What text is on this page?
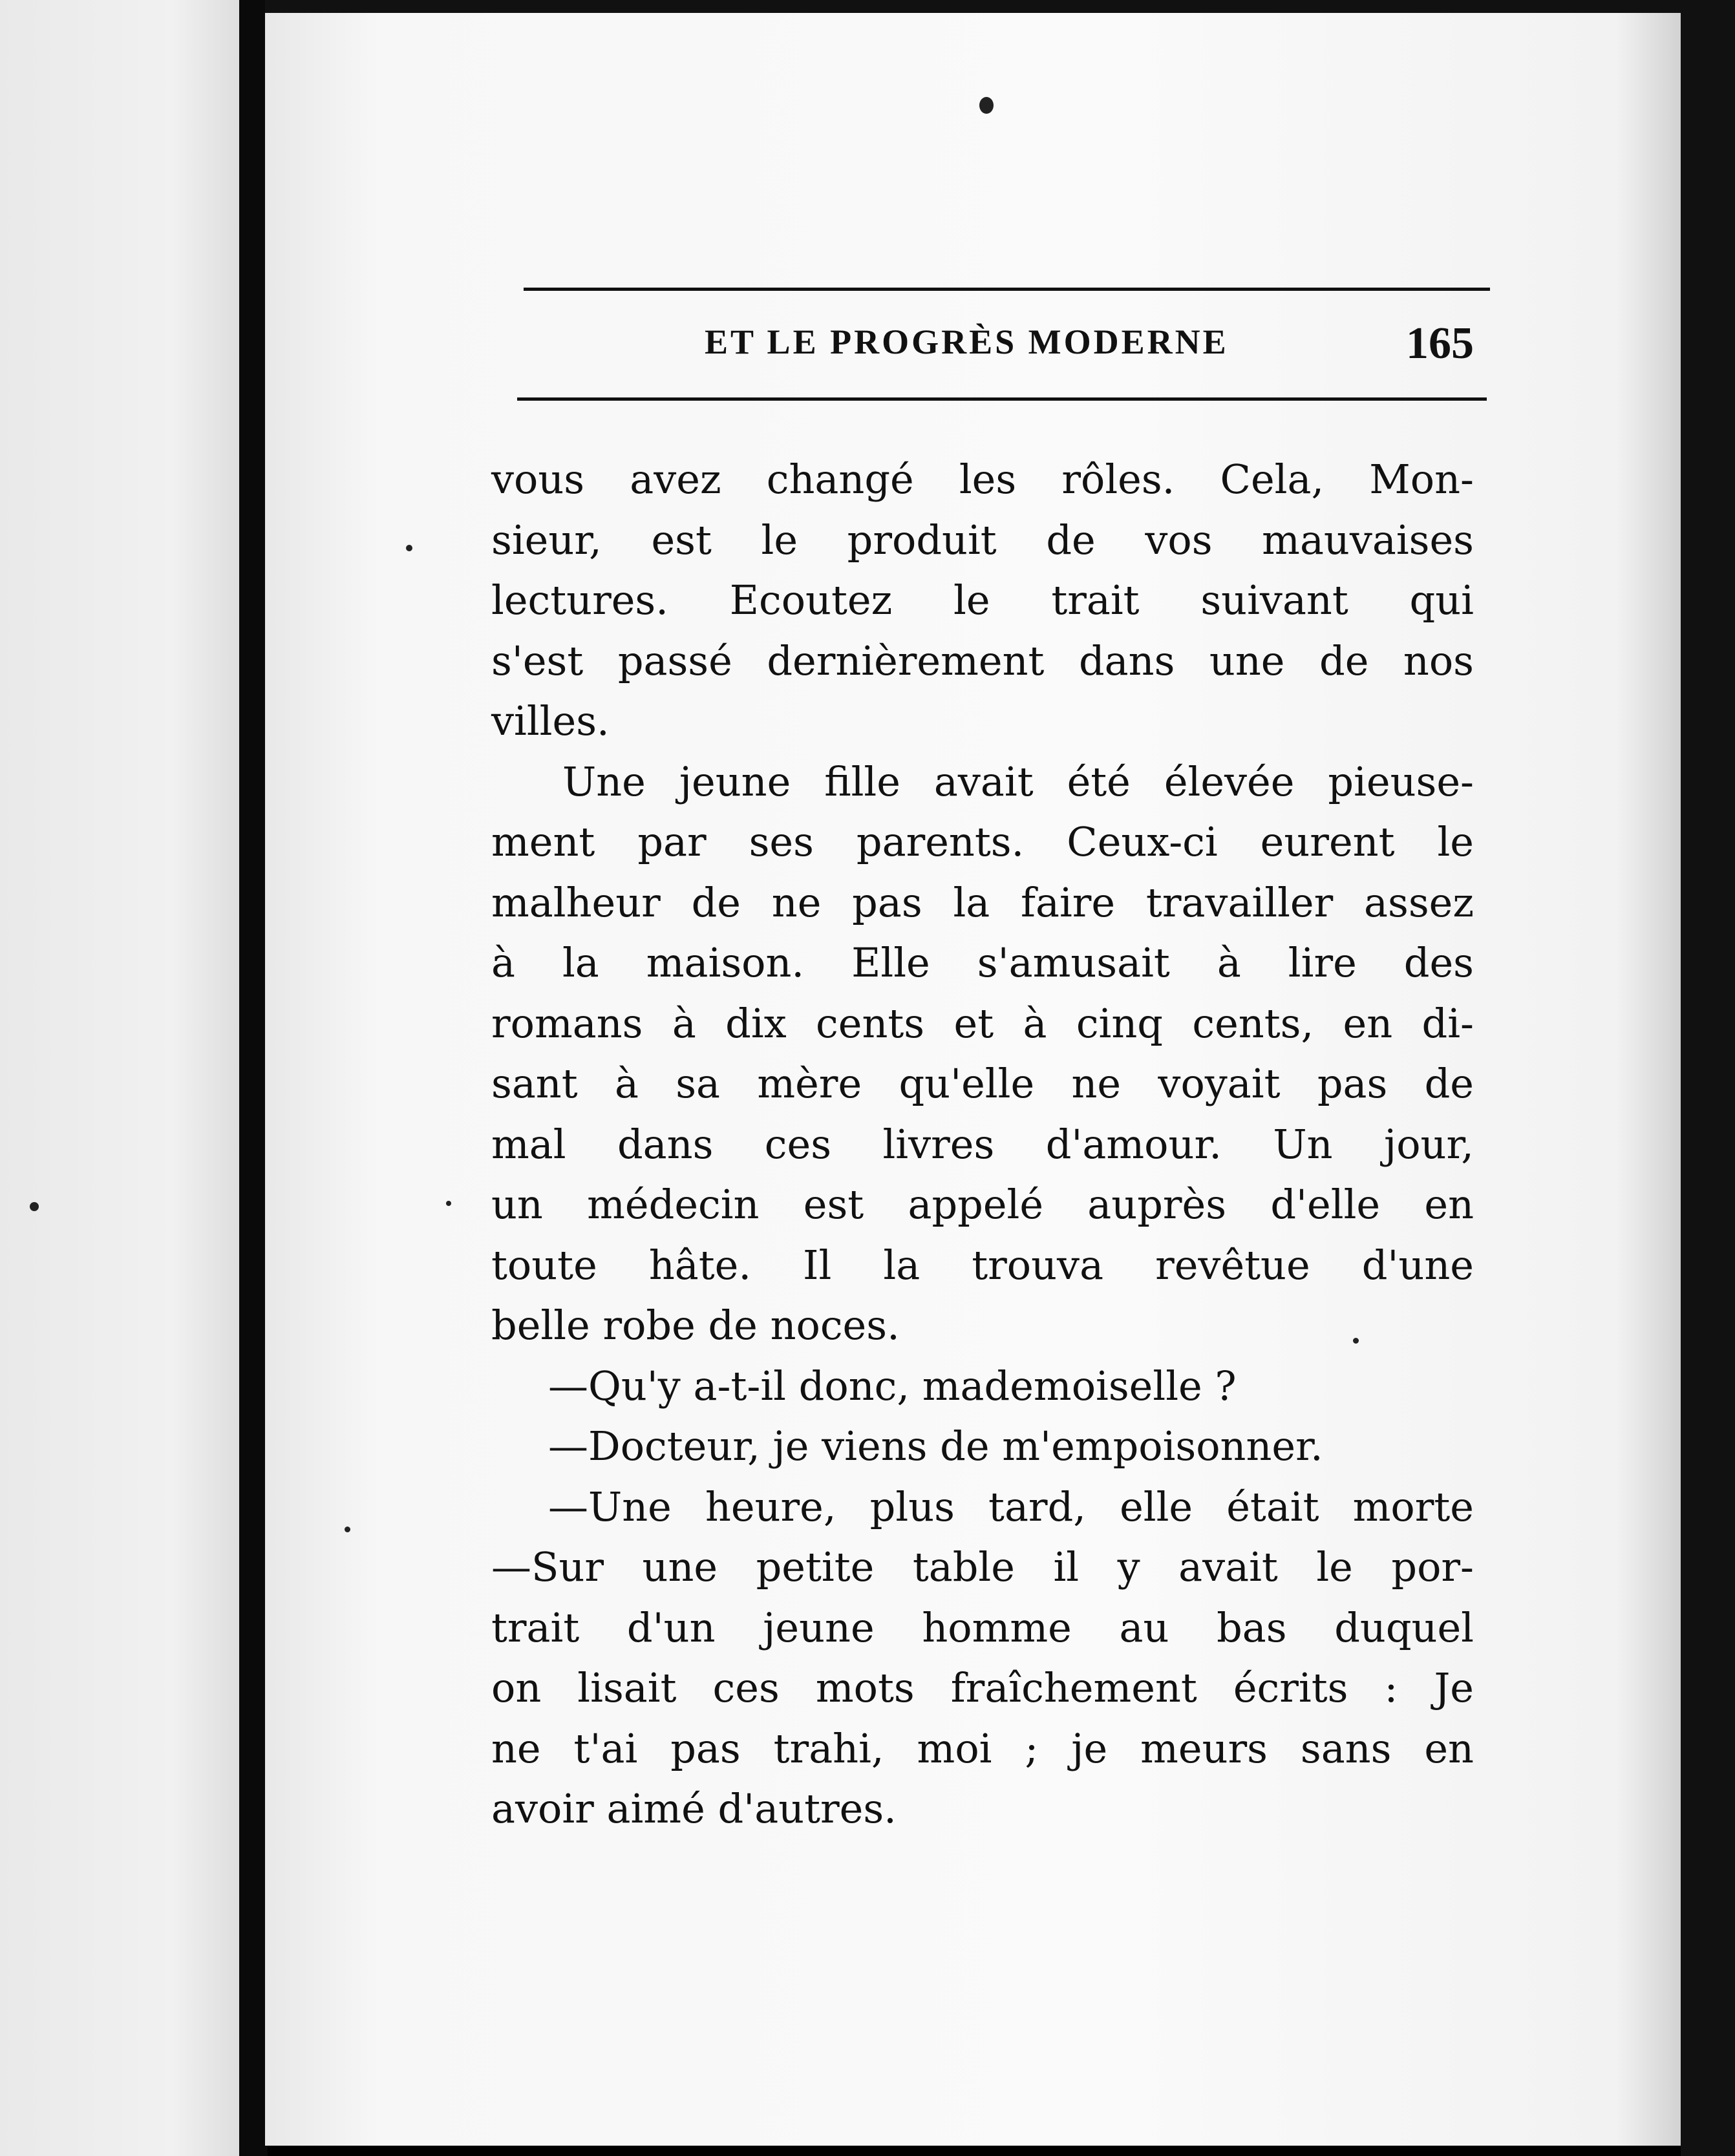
ET LE PROGRÈS MODERNE	165
vous avez changé les rôles. Cela, Mon-
sieur, est le produit de vos mauvaises
lectures. Ecoutez le trait suivant qui
s'est passé dernièrement dans une de nos
villes.
Une jeune fille avait été élevée pieuse-
ment par ses parents. Ceux-ci eurent le
malheur de ne pas la faire travailler assez
à la maison. Elle s'amusait à lire des
romans à dix cents et à cinq cents, en di-
sant à sa mère qu'elle ne voyait pas de
mal dans ces livres d'amour. Un jour,
un médecin est appelé auprès d'elle en
toute hâte. Il la trouva revêtue d'une
belle robe de noces.
—Qu'y a-t-il donc, mademoiselle ?
—Docteur, je viens de m'empoisonner.
—Une heure, plus tard, elle était morte
—Sur une petite table il y avait le por-
trait d'un jeune homme au bas duquel
on lisait ces mots fraîchement écrits : Je
ne t'ai pas trahi, moi ; je meurs sans en
avoir aimé d'autres.
